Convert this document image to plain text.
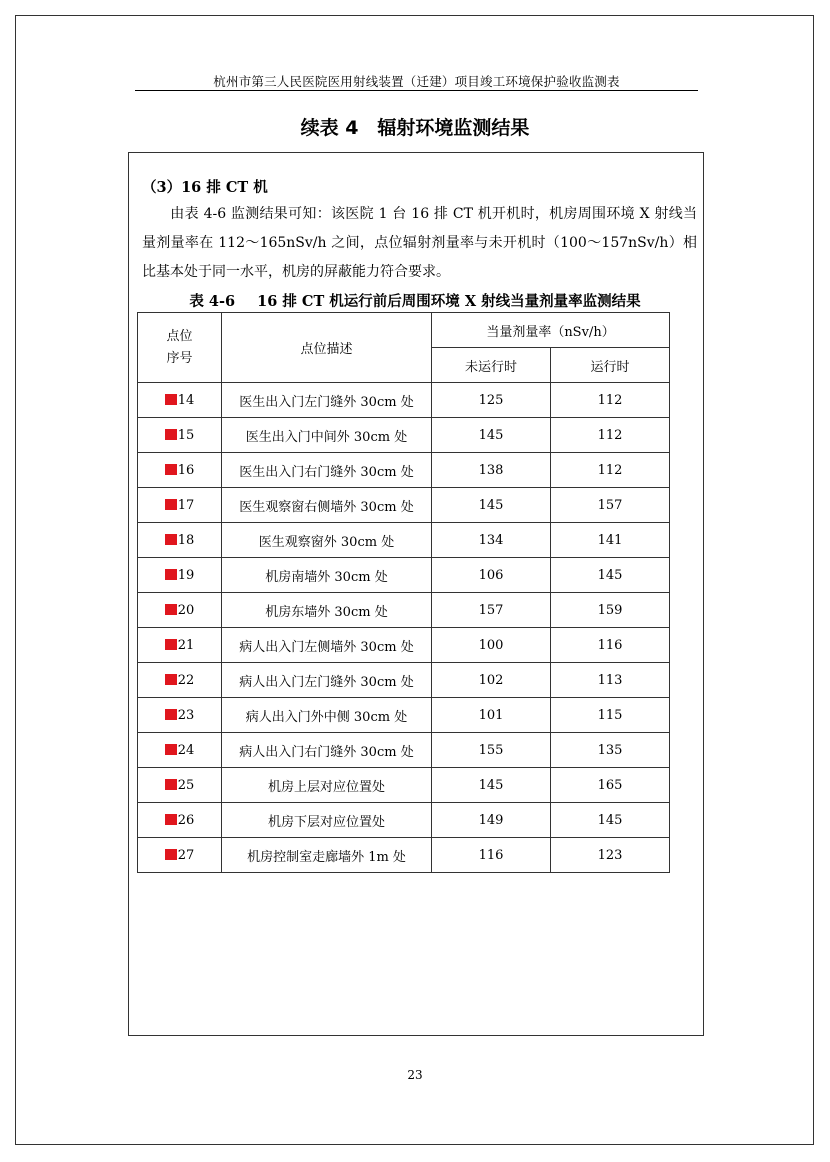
杭州市第三人民医院医用射线装置（迁建）项目竣工环境保护验收监测表
续表 4　辐射环境监测结果
（3）16 排 CT 机
由表 4-6 监测结果可知：该医院 1 台 16 排 CT 机开机时，机房周围环境 X 射线当量剂量率在 112～165nSv/h 之间，点位辐射剂量率与未开机时（100～157nSv/h）相比基本处于同一水平，机房的屏蔽能力符合要求。
表 4-6 16 排 CT 机运行前后周围环境 X 射线当量剂量率监测结果
点位
序号	点位描述	当量剂量率（nSv/h）	
		未运行时	运行时
14	医生出入门左门缝外 30cm 处	125	112
15	医生出入门中间外 30cm 处	145	112
16	医生出入门右门缝外 30cm 处	138	112
17	医生观察窗右侧墙外 30cm 处	145	157
18	医生观察窗外 30cm 处	134	141
19	机房南墙外 30cm 处	106	145
20	机房东墙外 30cm 处	157	159
21	病人出入门左侧墙外 30cm 处	100	116
22	病人出入门左门缝外 30cm 处	102	113
23	病人出入门外中侧 30cm 处	101	115
24	病人出入门右门缝外 30cm 处	155	135
25	机房上层对应位置处	145	165
26	机房下层对应位置处	149	145
27	机房控制室走廊墙外 1m 处	116	123
23
